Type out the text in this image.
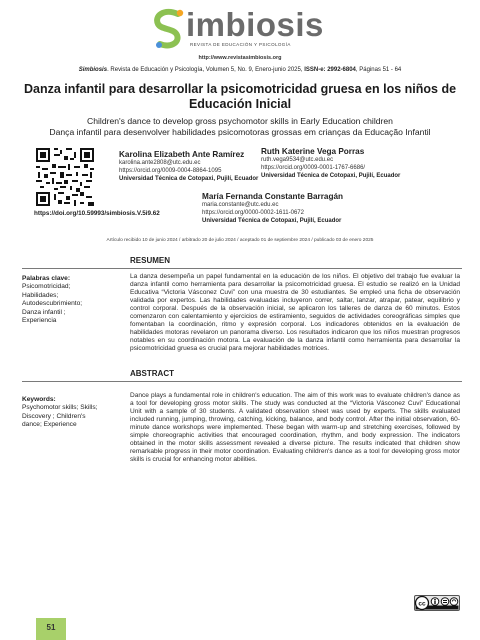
imbiosis
REVISTA DE EDUCACIÓN Y PSICOLOGÍA
http://www.revistasimbiosis.org
Simbiosis. Revista de Educación y Psicología, Volumen 5, No. 9, Enero-junio 2025, ISSN-e: 2992-6804, Páginas 51 - 64
Danza infantil para desarrollar la psicomotricidad gruesa en los niños de Educación Inicial
Children's dance to develop gross psychomotor skills in Early Education children
Dança infantil para desenvolver habilidades psicomotoras grossas em crianças da Educação Infantil
https://doi.org/10.59993/simbiosis.V.5i9.62
Karolina Elizabeth Ante Ramírez
karolina.ante2808@utc.edu.ec
https://orcid.org/0009-0004-8864-1095
Universidad Técnica de Cotopaxi, Pujilí, Ecuador
Ruth Katerine Vega Porras
ruth.vega9534@utc.edu.ec
https://orcid.org/0009-0001-1767-6686/
Universidad Técnica de Cotopaxi, Pujilí, Ecuador
María Fernanda Constante Barragán
maria.constante@utc.edu.ec
https://orcid.org/0000-0002-1611-0672
Universidad Técnica de Cotopaxi, Pujilí, Ecuador
Artículo recibido 10 de junio 2024 / arbitrado 20 de julio 2024 / aceptado 01 de septiembre 2024 / publicado 03 de enero 2025
RESUMEN
Palabras clave:
Psicomotricidad;
Habilidades;
Autodescubrimiento;
Danza infantil ;
Experiencia
La danza desempeña un papel fundamental en la educación de los niños. El objetivo del trabajo fue evaluar la danza infantil como herramienta para desarrollar la psicomotricidad gruesa. El estudio se realizó en la Unidad Educativa “Victoria Vásconez Cuvi” con una muestra de 30 estudiantes. Se empleó una ficha de observación validada por expertos. Las habilidades evaluadas incluyeron correr, saltar, lanzar, atrapar, patear, equilibrio y control corporal. Después de la observación inicial, se aplicaron los talleres de danza de 60 minutos. Estos comenzaron con calentamiento y ejercicios de estiramiento, seguidos de actividades coreográficas simples que fomentaban la coordinación, ritmo y expresión corporal. Los indicadores obtenidos en la evaluación de habilidades motoras revelaron un panorama diverso. Los resultados indicaron que los niños muestran progresos notables en su coordinación motora. La evaluación de la danza infantil como herramienta para desarrollar la psicomotricidad gruesa es crucial para mejorar habilidades motrices.
ABSTRACT
Keywords:
Psychomotor skills; Skills;
Discovery ; Children's
dance; Experience
Dance plays a fundamental role in children's education. The aim of this work was to evaluate children's dance as a tool for developing gross motor skills. The study was conducted at the “Victoria Vásconez Cuvi” Educational Unit with a sample of 30 students. A validated observation sheet was used by experts. The skills evaluated included running, jumping, throwing, catching, kicking, balance, and body control. After the initial observation, 60-minute dance workshops were implemented. These began with warm-up and stretching exercises, followed by simple choreographic activities that encouraged coordination, rhythm, and body expression. The indicators obtained in the motor skills assessment revealed a diverse picture. The results indicated that children show remarkable progress in their motor coordination. Evaluating children's dance as a tool for developing gross motor skills is crucial for enhancing motor abilities.
cc
51
